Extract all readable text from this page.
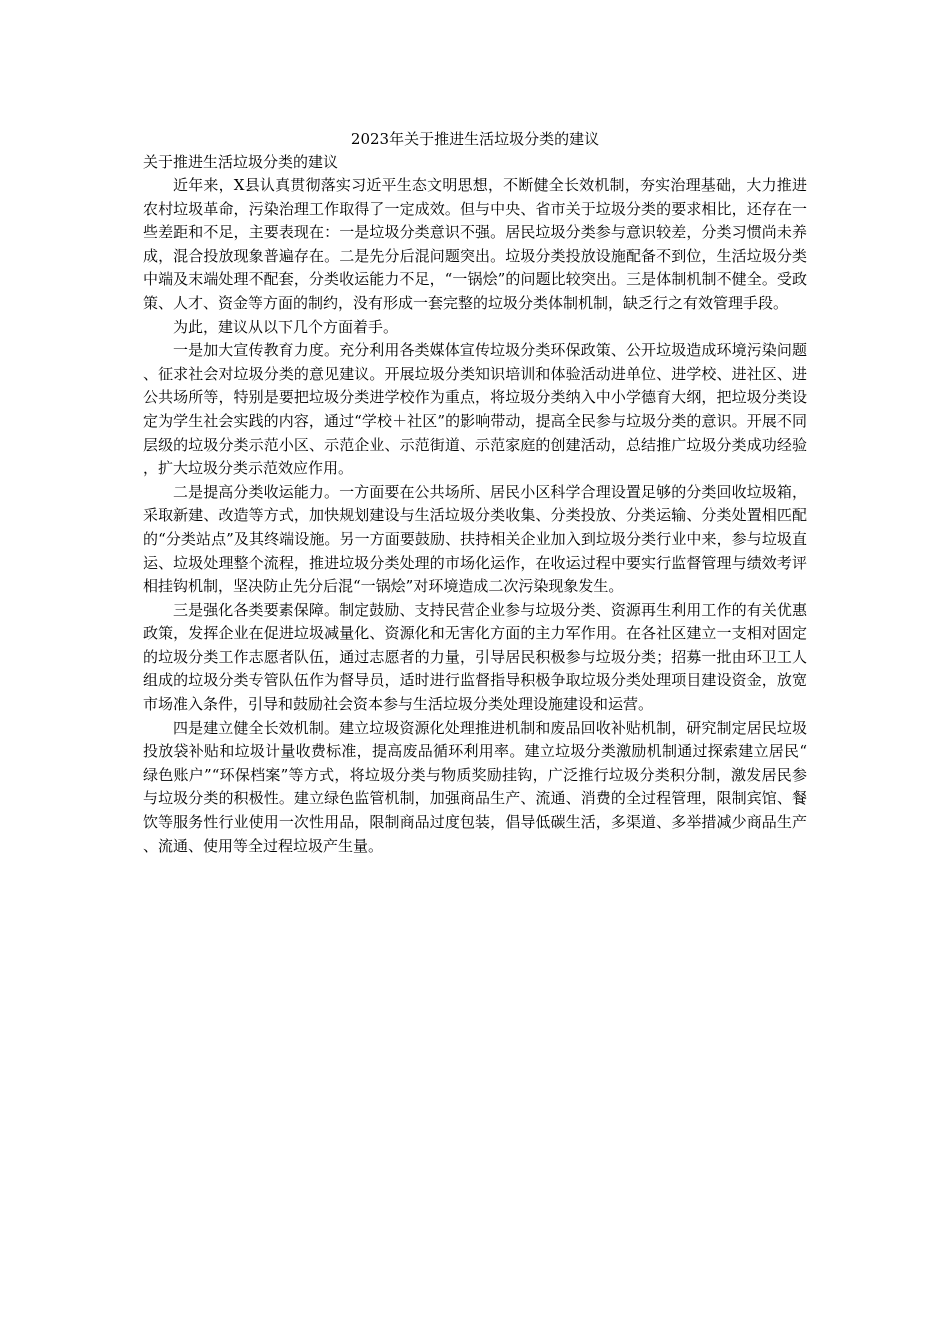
2023年关于推进生活垃圾分类的建议

关于推进生活垃圾分类的建议

近年来，X县认真贯彻落实习近平生态文明思想，不断健全长效机制，夯实治理基础，大力推进农村垃圾革命，污染治理工作取得了一定成效。但与中央、省市关于垃圾分类的要求相比，还存在一些差距和不足，主要表现在：一是垃圾分类意识不强。居民垃圾分类参与意识较差，分类习惯尚未养成，混合投放现象普遍存在。二是先分后混问题突出。垃圾分类投放设施配备不到位，生活垃圾分类中端及末端处理不配套，分类收运能力不足，“一锅烩”的问题比较突出。三是体制机制不健全。受政策、人才、资金等方面的制约，没有形成一套完整的垃圾分类体制机制，缺乏行之有效管理手段。

为此，建议从以下几个方面着手。

一是加大宣传教育力度。充分利用各类媒体宣传垃圾分类环保政策、公开垃圾造成环境污染问题、征求社会对垃圾分类的意见建议。开展垃圾分类知识培训和体验活动进单位、进学校、进社区、进公共场所等，特别是要把垃圾分类进学校作为重点，将垃圾分类纳入中小学德育大纲，把垃圾分类设定为学生社会实践的内容，通过“学校＋社区”的影响带动，提高全民参与垃圾分类的意识。开展不同层级的垃圾分类示范小区、示范企业、示范街道、示范家庭的创建活动，总结推广垃圾分类成功经验，扩大垃圾分类示范效应作用。

二是提高分类收运能力。一方面要在公共场所、居民小区科学合理设置足够的分类回收垃圾箱，采取新建、改造等方式，加快规划建设与生活垃圾分类收集、分类投放、分类运输、分类处置相匹配的“分类站点”及其终端设施。另一方面要鼓励、扶持相关企业加入到垃圾分类行业中来，参与垃圾直运、垃圾处理整个流程，推进垃圾分类处理的市场化运作，在收运过程中要实行监督管理与绩效考评相挂钩机制，坚决防止先分后混“一锅烩”对环境造成二次污染现象发生。

三是强化各类要素保障。制定鼓励、支持民营企业参与垃圾分类、资源再生利用工作的有关优惠政策，发挥企业在促进垃圾减量化、资源化和无害化方面的主力军作用。在各社区建立一支相对固定的垃圾分类工作志愿者队伍，通过志愿者的力量，引导居民积极参与垃圾分类；招募一批由环卫工人组成的垃圾分类专管队伍作为督导员，适时进行监督指导积极争取垃圾分类处理项目建设资金，放宽市场准入条件，引导和鼓励社会资本参与生活垃圾分类处理设施建设和运营。

四是建立健全长效机制。建立垃圾资源化处理推进机制和废品回收补贴机制，研究制定居民垃圾投放袋补贴和垃圾计量收费标准，提高废品循环利用率。建立垃圾分类激励机制通过探索建立居民“绿色账户”“环保档案”等方式，将垃圾分类与物质奖励挂钩，广泛推行垃圾分类积分制，激发居民参与垃圾分类的积极性。建立绿色监管机制，加强商品生产、流通、消费的全过程管理，限制宾馆、餐饮等服务性行业使用一次性用品，限制商品过度包装，倡导低碳生活，多渠道、多举措减少商品生产、流通、使用等全过程垃圾产生量。
